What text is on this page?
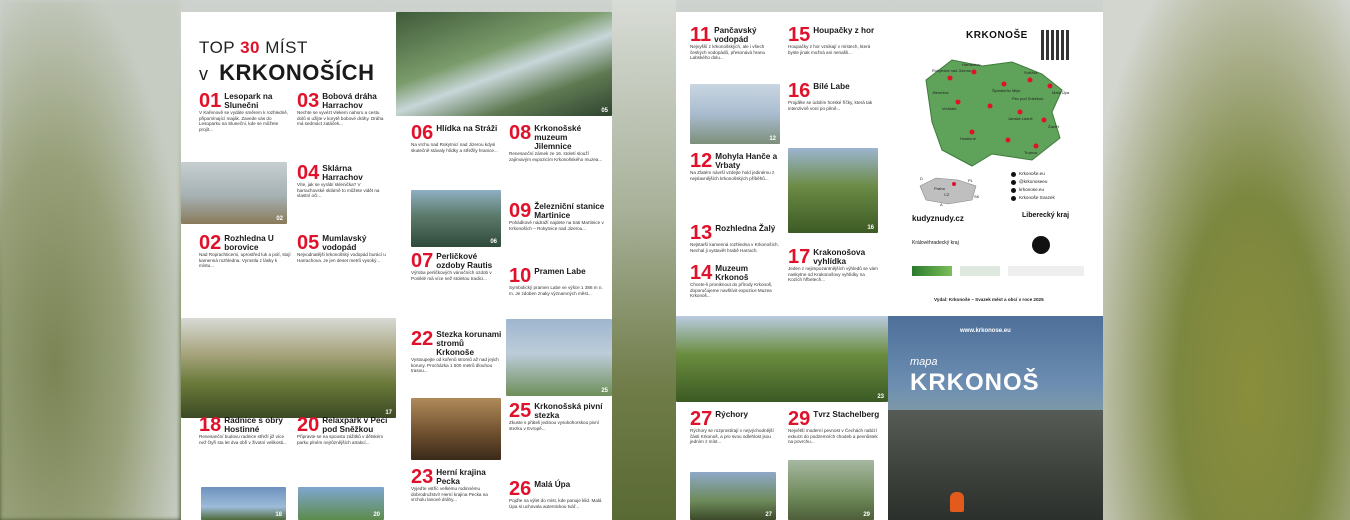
TOP 30 MÍST
v KRKONOŠÍCH
05
02
06
17
25
18	20
01 Lesopark na Slunečni
V Kařenově se vydáte směrem k rozhledně, připomínající maják. Zavede vás do Lesoparku na Slunečni, kde se můžete projít...
03 Bobová dráha Harrachov
Nechte se vyvézt vlekem nahoru a cestu dolů si užijte v korytě bobové dráhy. Dráha má sedmáct zatáček...
04 Sklárna Harrachov
Víte, jak se vyrábí sklenička? V harrachovské sklárně to můžete vidět na vlastní oči...
02 Rozhledna U borovice
Nad Roprachticemi, uprostřed luk a polí, stojí kamenná rozhledna. Vyrostla z lásky k místu...
05 Mumlavský vodopád
Nejvodnatější krkonošský vodopád burácí u Harrachova. Je jen deset metrů vysoký...
06 Hlídka na Stráži
Na vrchu nad Rokytnicí nad Jizerou kdysi skutečně stávaly hlídky a střežily hranice...
08 Krkonošské muzeum Jilemnice
Renesanční zámek ze 16. století slouží zajímavým expozicím Krkonošského muzea...
07 Perličkové ozdoby Rautis
Výroba perličkových vánočních ozdob v Poniklé má více než stoletou tradici...
09 Železniční stanice Martinice
Pohádkové nádraží najdete na trati Martinice v Krkonoších – Rokytnice nad Jizerou...
10 Pramen Labe
Symbolický pramen Labe ve výšce 1 386 m n. m. Je zdoben znaky významných měst...
22 Stezka korunami stromů Krkonoše
Vystoupejte od kořenů stromů až nad jejich koruny. Procházka 1 500 metrů dlouhou trasou...
25 Krkonošská pivní stezka
Zkuste s přáteli jedinou vysokohorskou pivní stezku v Evropě...
18 Radnice s obry Hostinné
Renesanční budovu radnice střeží již více než čtyři sta let dva obři v životní velikosti...
20 Relaxpark v Peci pod Sněžkou
Připravte se na spoustu zážitků v dětském parku plném nejrůznějších atrakcí...
23 Herní krajina Pecka
Vyjeďte vstříc velkému rodinnému dobrodružství! Herní krajina Pecka na vrcholu lanové dráhy...	26 Malá Úpa
Pojďte na výlet do míst, kde panuje klid. Malá Úpa si uchovala autentickou tvář...
12
16
23
27	29
11 Pančavský vodopád
Nejvyšší z krkonošských, ale i všech českých vodopádů, přesonává hranu Labského dolu...
15 Houpačky z hor
Houpačky z hor vznikají v místech, která byste jinak možná ani nenašli...
16 Bílé Labe
Projděte se údolím horské říčky, která tak intenzivně voní po pěně...
12 Mohyla Hanče a Vrbaty
Na Zlatém návrší vzdejte hold jedinému z nejslavnějších krkonošských příběhů...
13 Rozhledna Žalý
Nejstarší kamenná rozhledna v Krkonoších. Nechal ji vystavět hrabě Harrach.
14 Muzeum Krkonoš
Chcete-li proniknout do přírody Krkonoš, doporučujeme navštívit expozice Muzea Krkonoš...
17 Krakonošova vyhlídka
Jeden z nejimpozantnějších výhledů se vám naskytne od Krakonošovy vyhlídky na Kozích hřbetech...
27 Rýchory
Rýchory se rozprostírají v nejvýchodnější části Krkonoš, a pro svou odlehlost jsou jedním z míst...
29 Tvrz Stachelberg
Největší moderní pevnost v Čechách nabízí exkurzi do podzemních chodeb a pevnůstek na povrchu...
KRKONOŠE
Rokytnice nad Jizerou
Harrachov
Špindlerův Mlýn
Pec pod Sněžkou
Malá Úpa
Vrchlabí
Jilemnice
Hostinné
Trutnov
Žacléř
Janské Lázně
Sněžka
D
Praha
CZ
PL
SK
A
Krkonoše.eu
@krkonoseeu
krkonose.eu
Krkonoše Svazek
kudyznudy.cz	Liberecký kraj
Královéhradecký kraj
Vydal: Krkonoše – Svazek měst a obcí v roce 2025
www.krkonose.eu
mapa
KRKONOŠ
